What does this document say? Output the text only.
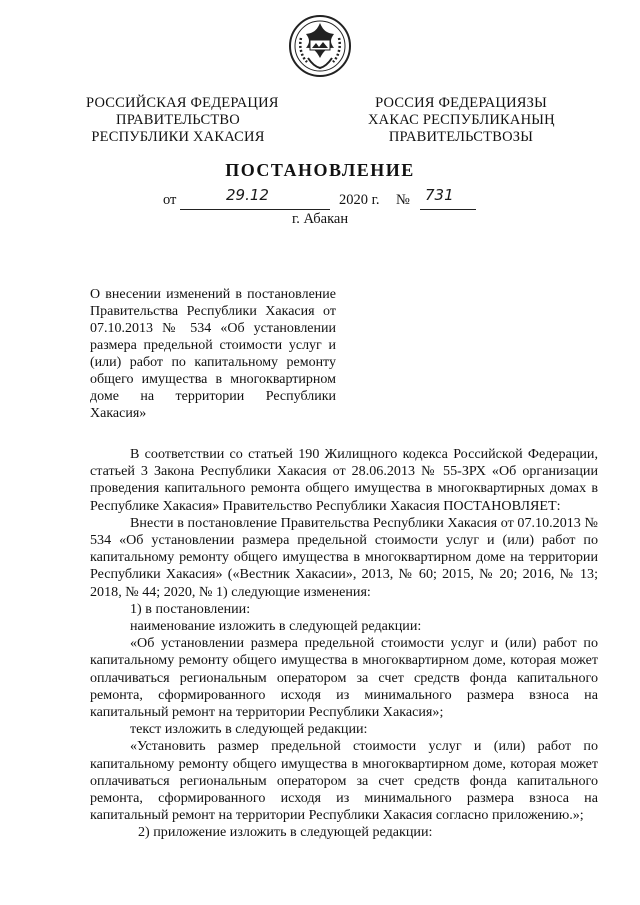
РОССИЙСКАЯ ФЕДЕРАЦИЯ
ПРАВИТЕЛЬСТВО
РЕСПУБЛИКИ ХАКАСИЯ
РОССИЯ ФЕДЕРАЦИЯЗЫ
ХАКАС РЕСПУБЛИКАНЫҢ
ПРАВИТЕЛЬСТВОЗЫ
ПОСТАНОВЛЕНИЕ
от	29.12	2020 г. № 731
г. Абакан
О внесении изменений в постановление Правительства Республики Хакасия от 07.10.2013 № 534 «Об установлении размера предельной стоимости услуг и (или) работ по капитальному ремонту общего имущества в многоквартирном доме на территории Республики Хакасия»

В соответствии со статьей 190 Жилищного кодекса Российской Федерации, статьей 3 Закона Республики Хакасия от 28.06.2013 № 55-ЗРХ «Об организации проведения капитального ремонта общего имущества в многоквартирных домах в Республике Хакасия» Правительство Республики Хакасия ПОСТАНОВЛЯЕТ:

Внести в постановление Правительства Республики Хакасия от 07.10.2013 № 534 «Об установлении размера предельной стоимости услуг и (или) работ по капитальному ремонту общего имущества в многоквартирном доме на территории Республики Хакасия» («Вестник Хакасии», 2013, № 60; 2015, № 20; 2016, № 13; 2018, № 44; 2020, № 1) следующие изменения:

1) в постановлении:

наименование изложить в следующей редакции:

«Об установлении размера предельной стоимости услуг и (или) работ по капитальному ремонту общего имущества в многоквартирном доме, которая может оплачиваться региональным оператором за счет средств фонда капитального ремонта, сформированного исходя из минимального размера взноса на капитальный ремонт на территории Республики Хакасия»;

текст изложить в следующей редакции:

«Установить размер предельной стоимости услуг и (или) работ по капитальному ремонту общего имущества в многоквартирном доме, которая может оплачиваться региональным оператором за счет средств фонда капитального ремонта, сформированного исходя из минимального размера взноса на капитальный ремонт на территории Республики Хакасия согласно приложению.»;

2) приложение изложить в следующей редакции:
